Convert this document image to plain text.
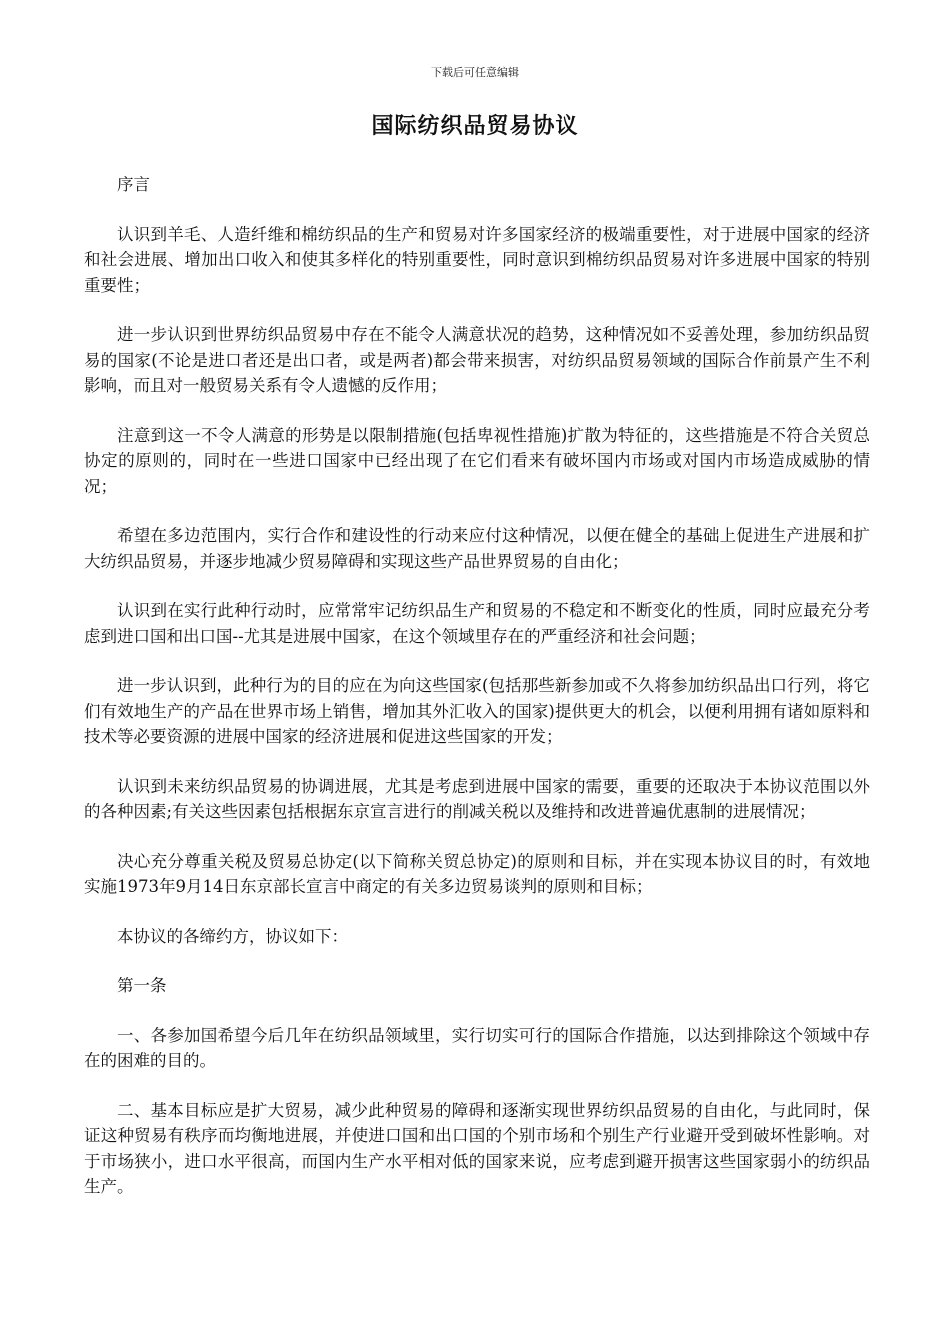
下载后可任意编辑
国际纺织品贸易协议

序言

认识到羊毛、人造纤维和棉纺织品的生产和贸易对许多国家经济的极端重要性，对于进展中国家的经济和社会进展、增加出口收入和使其多样化的特别重要性，同时意识到棉纺织品贸易对许多进展中国家的特别重要性；

进一步认识到世界纺织品贸易中存在不能令人满意状况的趋势，这种情况如不妥善处理，参加纺织品贸易的国家(不论是进口者还是出口者，或是两者)都会带来损害，对纺织品贸易领域的国际合作前景产生不利影响，而且对一般贸易关系有令人遗憾的反作用；

注意到这一不令人满意的形势是以限制措施(包括卑视性措施)扩散为特征的，这些措施是不符合关贸总协定的原则的，同时在一些进口国家中已经出现了在它们看来有破坏国内市场或对国内市场造成威胁的情况；

希望在多边范围内，实行合作和建设性的行动来应付这种情况，以便在健全的基础上促进生产进展和扩大纺织品贸易，并逐步地减少贸易障碍和实现这些产品世界贸易的自由化；

认识到在实行此种行动时，应常常牢记纺织品生产和贸易的不稳定和不断变化的性质，同时应最充分考虑到进口国和出口国--尤其是进展中国家，在这个领域里存在的严重经济和社会问题；

进一步认识到，此种行为的目的应在为向这些国家(包括那些新参加或不久将参加纺织品出口行列，将它们有效地生产的产品在世界市场上销售，增加其外汇收入的国家)提供更大的机会，以便利用拥有诸如原料和技术等必要资源的进展中国家的经济进展和促进这些国家的开发；

认识到未来纺织品贸易的协调进展，尤其是考虑到进展中国家的需要，重要的还取决于本协议范围以外的各种因素;有关这些因素包括根据东京宣言进行的削减关税以及维持和改进普遍优惠制的进展情况；

决心充分尊重关税及贸易总协定(以下简称关贸总协定)的原则和目标，并在实现本协议目的时，有效地实施1973年9月14日东京部长宣言中商定的有关多边贸易谈判的原则和目标；

本协议的各缔约方，协议如下：

第一条

一、各参加国希望今后几年在纺织品领域里，实行切实可行的国际合作措施，以达到排除这个领域中存在的困难的目的。

二、基本目标应是扩大贸易，减少此种贸易的障碍和逐渐实现世界纺织品贸易的自由化，与此同时，保证这种贸易有秩序而均衡地进展，并使进口国和出口国的个别市场和个别生产行业避开受到破坏性影响。对于市场狭小，进口水平很高，而国内生产水平相对低的国家来说，应考虑到避开损害这些国家弱小的纺织品生产。
